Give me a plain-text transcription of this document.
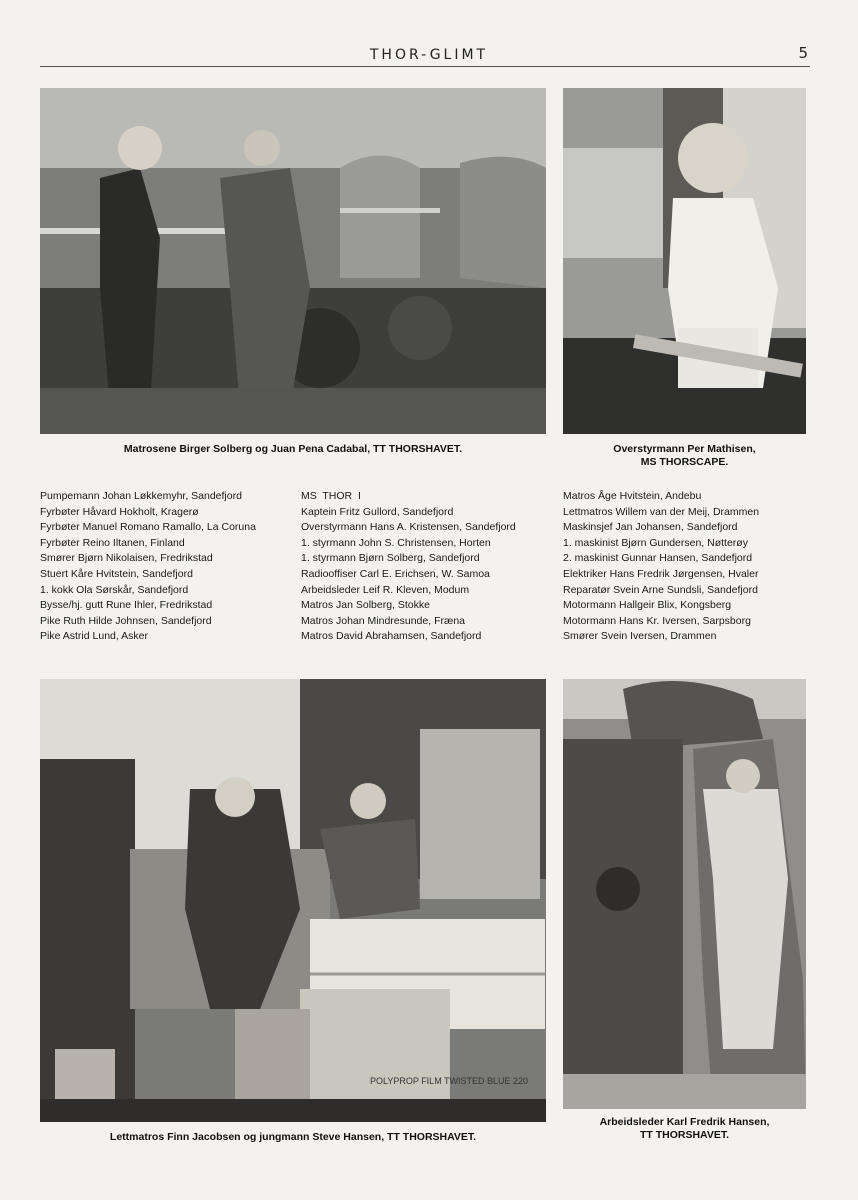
THOR-GLIMT	5
Matrosene Birger Solberg og Juan Pena Cadabal, TT THORSHAVET.	Overstyrmann Per Mathisen,
MS THORSCAPE.
Pumpemann Johan Løkkemyhr, Sandefjord
Fyrbøter Håvard Hokholt, Kragerø
Fyrbøter Manuel Romano Ramallo, La Coruna
Fyrbøter Reino Iltanen, Finland
Smører Bjørn Nikolaisen, Fredrikstad
Stuert Kåre Hvitstein, Sandefjord
1. kokk Ola Sørskår, Sandefjord
Bysse/hj. gutt Rune Ihler, Fredrikstad
Pike Ruth Hilde Johnsen, Sandefjord
Pike Astrid Lund, Asker
MS  THOR  I
Kaptein Fritz Gullord, Sandefjord
Overstyrmann Hans A. Kristensen, Sandefjord
1. styrmann John S. Christensen, Horten
1. styrmann Bjørn Solberg, Sandefjord
Radiooffiser Carl E. Erichsen, W. Samoa
Arbeidsleder Leif R. Kleven, Modum
Matros Jan Solberg, Stokke
Matros Johan Mindresunde, Fræna
Matros David Abrahamsen, Sandefjord
Matros Åge Hvitstein, Andebu
Lettmatros Willem van der Meij, Drammen
Maskinsjef Jan Johansen, Sandefjord
1. maskinist Bjørn Gundersen, Nøtterøy
2. maskinist Gunnar Hansen, Sandefjord
Elektriker Hans Fredrik Jørgensen, Hvaler
Reparatør Svein Arne Sundsli, Sandefjord
Motormann Hallgeir Blix, Kongsberg
Motormann Hans Kr. Iversen, Sarpsborg
Smører Svein Iversen, Drammen
POLYPROP FILM TWISTED BLUE 220
Lettmatros Finn Jacobsen og jungmann Steve Hansen, TT THORSHAVET.
Arbeidsleder Karl Fredrik Hansen,
TT THORSHAVET.
